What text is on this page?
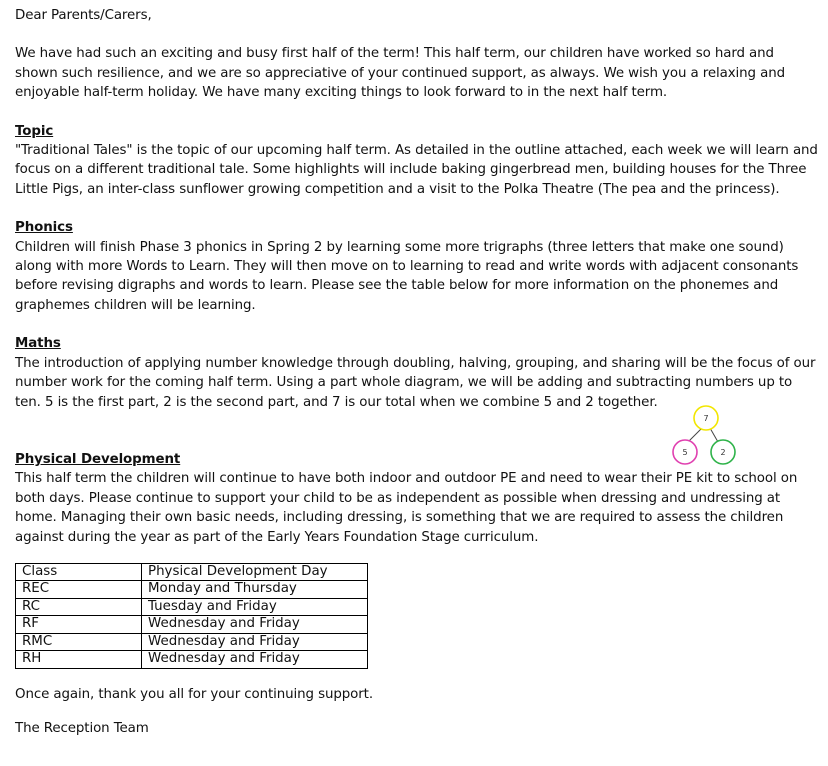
Dear Parents/Carers,

We have had such an exciting and busy first half of the term! This half term, our children have worked so hard and shown such resilience, and we are so appreciative of your continued support, as always. We wish you a relaxing and enjoyable half-term holiday. We have many exciting things to look forward to in the next half term.

Topic

"Traditional Tales" is the topic of our upcoming half term. As detailed in the outline attached, each week we will learn and focus on a different traditional tale. Some highlights will include baking gingerbread men, building houses for the Three Little Pigs, an inter-class sunflower growing competition and a visit to the Polka Theatre (The pea and the princess).

Phonics

Children will finish Phase 3 phonics in Spring 2 by learning some more trigraphs (three letters that make one sound) along with more Words to Learn. They will then move on to learning to read and write words with adjacent consonants before revising digraphs and words to learn. Please see the table below for more information on the phonemes and graphemes children will be learning.

Maths

The introduction of applying number knowledge through doubling, halving, grouping, and sharing will be the focus of our number work for the coming half term. Using a part whole diagram, we will be adding and subtracting numbers up to ten. 5 is the first part, 2 is the second part, and 7 is our total when we combine 5 and 2 together.

Physical Development

This half term the children will continue to have both indoor and outdoor PE and need to wear their PE kit to school on both days. Please continue to support your child to be as independent as possible when dressing and undressing at home. Managing their own basic needs, including dressing, is something that we are required to assess the children against during the year as part of the Early Years Foundation Stage curriculum.

Class	Physical Development Day
REC	Monday and Thursday
RC	Tuesday and Friday
RF	Wednesday and Friday
RMC	Wednesday and Friday
RH	Wednesday and Friday

Once again, thank you all for your continuing support.

The Reception Team

7
5	2
